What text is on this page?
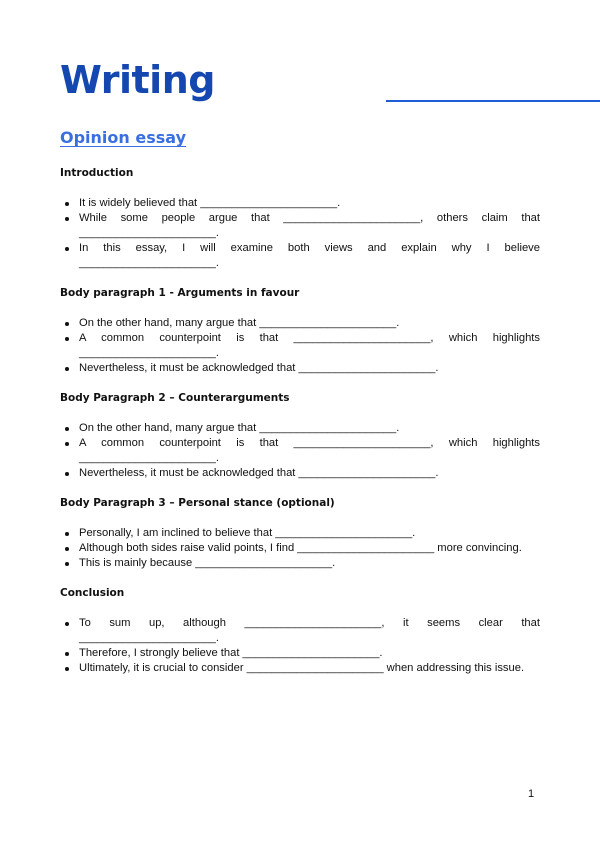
Writing
Opinion essay

Introduction

It is widely believed that ______________________.
While some people argue that ______________________, others claim that ______________________.
In this essay, I will examine both views and explain why I believe ______________________.

Body paragraph 1 - Arguments in favour

On the other hand, many argue that ______________________.
A common counterpoint is that ______________________, which highlights ______________________.
Nevertheless, it must be acknowledged that ______________________.

Body Paragraph 2 – Counterarguments

On the other hand, many argue that ______________________.
A common counterpoint is that ______________________, which highlights ______________________.
Nevertheless, it must be acknowledged that ______________________.

Body Paragraph 3 – Personal stance (optional)

Personally, I am inclined to believe that ______________________.
Although both sides raise valid points, I find ______________________ more convincing.
This is mainly because ______________________.

Conclusion

To sum up, although ______________________, it seems clear that ______________________.
Therefore, I strongly believe that ______________________.
Ultimately, it is crucial to consider ______________________ when addressing this issue.
1
